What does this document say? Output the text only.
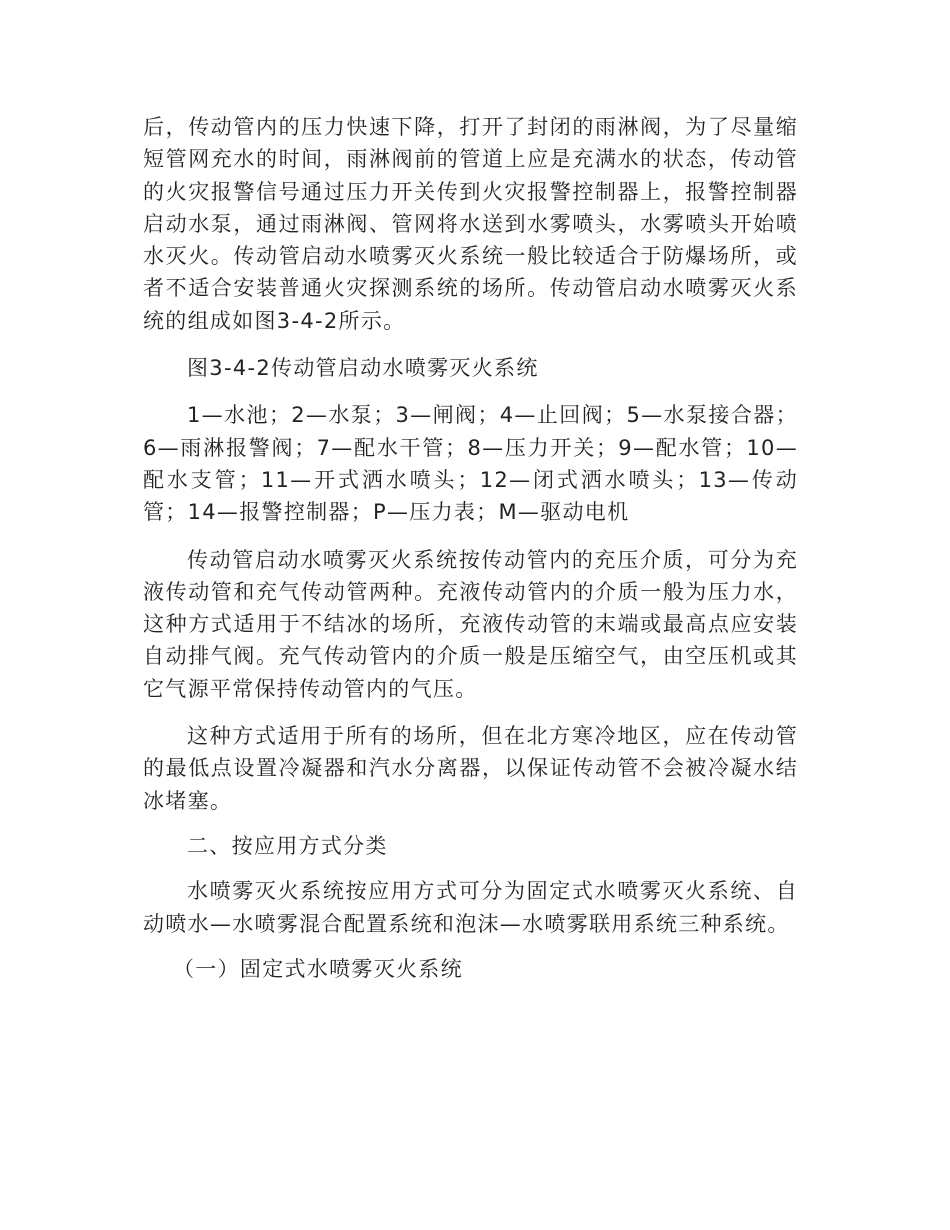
后，传动管内的压力快速下降，打开了封闭的雨淋阀，为了尽量缩短管网充水的时间，雨淋阀前的管道上应是充满水的状态，传动管的火灾报警信号通过压力开关传到火灾报警控制器上，报警控制器启动水泵，通过雨淋阀、管网将水送到水雾喷头，水雾喷头开始喷水灭火。传动管启动水喷雾灭火系统一般比较适合于防爆场所，或者不适合安装普通火灾探测系统的场所。传动管启动水喷雾灭火系统的组成如图3-4-2所示。

图3-4-2传动管启动水喷雾灭火系统

1—水池；2—水泵；3—闸阀；4—止回阀；5—水泵接合器；6—雨淋报警阀；7—配水干管；8—压力开关；9—配水管；10—配水支管；11—开式洒水喷头；12—闭式洒水喷头；13—传动管；14—报警控制器；P—压力表；M—驱动电机

传动管启动水喷雾灭火系统按传动管内的充压介质，可分为充液传动管和充气传动管两种。充液传动管内的介质一般为压力水，这种方式适用于不结冰的场所，充液传动管的末端或最高点应安装自动排气阀。充气传动管内的介质一般是压缩空气，由空压机或其它气源平常保持传动管内的气压。

这种方式适用于所有的场所，但在北方寒冷地区，应在传动管的最低点设置冷凝器和汽水分离器，以保证传动管不会被冷凝水结冰堵塞。

二、按应用方式分类

水喷雾灭火系统按应用方式可分为固定式水喷雾灭火系统、自动喷水—水喷雾混合配置系统和泡沫—水喷雾联用系统三种系统。

（一）固定式水喷雾灭火系统
